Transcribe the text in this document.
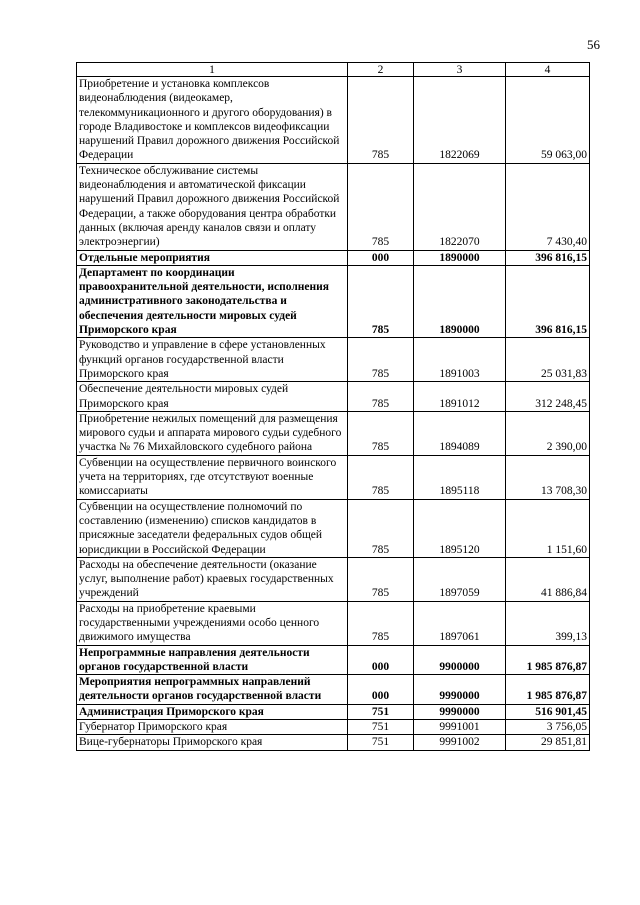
56
1	2	3	4
Приобретение и установка комплексов видеонаблюдения (видеокамер, телекоммуникационного и другого оборудования) в городе Владивостоке и комплексов видеофиксации нарушений Правил дорожного движения Российской Федерации	785	1822069	59 063,00
Техническое обслуживание системы видеонаблюдения и автоматической фиксации нарушений Правил дорожного движения Российской Федерации, а также оборудования центра обработки данных (включая аренду каналов связи и оплату электроэнергии)	785	1822070	7 430,40
Отдельные мероприятия	000	1890000	396 816,15
Департамент по координации правоохранительной деятельности, исполнения административного законодательства и обеспечения деятельности мировых судей Приморского края	785	1890000	396 816,15
Руководство и управление в сфере установленных функций органов государственной власти Приморского края	785	1891003	25 031,83
Обеспечение деятельности мировых судей Приморского края	785	1891012	312 248,45
Приобретение нежилых помещений для размещения мирового судьи и аппарата мирового судьи судебного участка № 76 Михайловского судебного района	785	1894089	2 390,00
Субвенции на осуществление первичного воинского учета на территориях, где отсутствуют военные комиссариаты	785	1895118	13 708,30
Субвенции на осуществление полномочий по составлению (изменению) списков кандидатов в присяжные заседатели федеральных судов общей юрисдикции в Российской Федерации	785	1895120	1 151,60
Расходы на обеспечение деятельности (оказание услуг, выполнение работ) краевых государственных учреждений	785	1897059	41 886,84
Расходы на приобретение краевыми государственными учреждениями особо ценного движимого имущества	785	1897061	399,13
Непрограммные направления деятельности органов государственной власти	000	9900000	1 985 876,87
Мероприятия непрограммных направлений деятельности органов государственной власти	000	9990000	1 985 876,87
Администрация Приморского края	751	9990000	516 901,45
Губернатор Приморского края	751	9991001	3 756,05
Вице-губернаторы Приморского края	751	9991002	29 851,81
